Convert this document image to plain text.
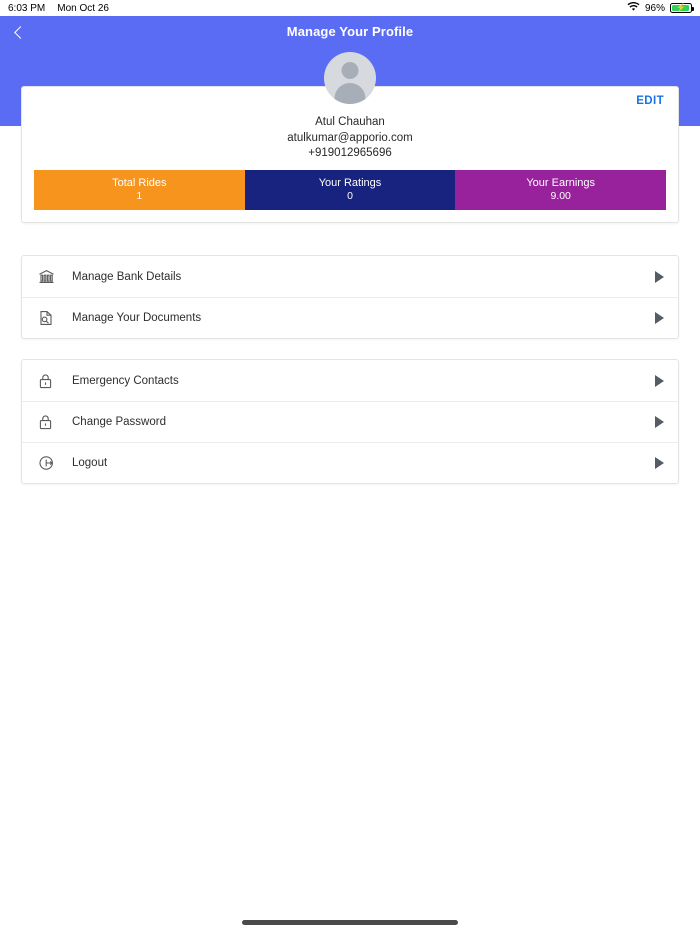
6:03 PM Mon Oct 26	96% ⚡
Manage Your Profile
EDIT
Atul Chauhan
atulkumar@apporio.com
+919012965696
Total Rides
1
Your Ratings
0
Your Earnings
9.00
Manage Bank Details
Manage Your Documents
Emergency Contacts
Change Password
Logout
